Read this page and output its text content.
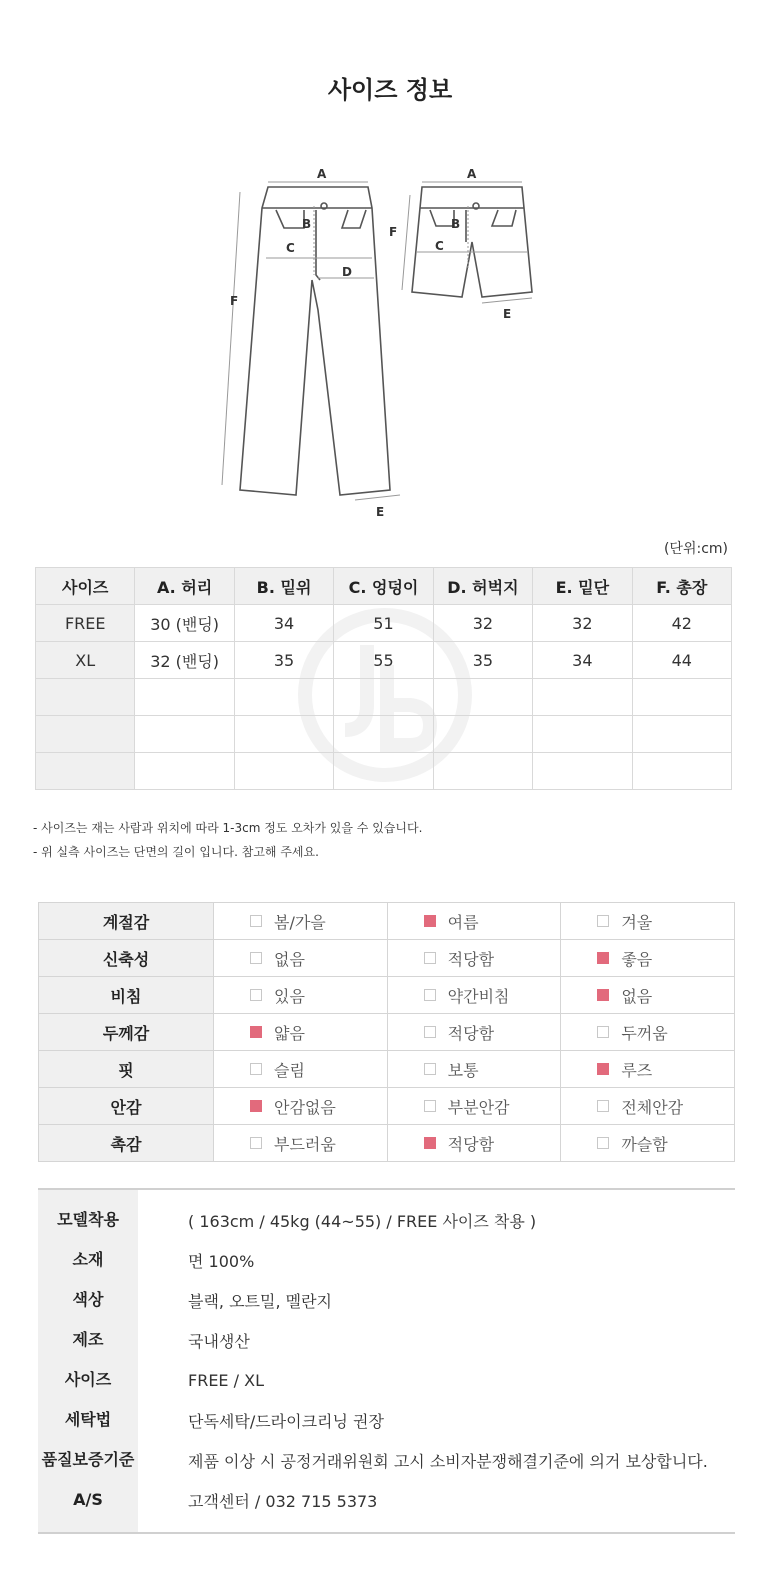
사이즈 정보
A
B
C
D
F
E
A
B
C
F
E
(단위:cm)
사이즈	A. 허리	B. 밑위	C. 엉덩이	D. 허벅지	E. 밑단	F. 총장
FREE	30 (밴딩)	34	51	32	32	42
XL	32 (밴딩)	35	55	35	34	44

- 사이즈는 재는 사람과 위치에 따라 1-3cm 정도 오차가 있을 수 있습니다.
- 위 실측 사이즈는 단면의 길이 입니다. 참고해 주세요.
계절감	봄/가을	여름	겨울

신축성	없음	적당함	좋음

비침	있음	약간비침	없음

두께감	얇음	적당함	두꺼움

핏	슬림	보통	루즈

안감	안감없음	부분안감	전체안감

촉감	부드러움	적당함	까슬함
모델착용	( 163cm / 45kg (44~55) / FREE 사이즈 착용 )
소재	면 100%
색상	블랙, 오트밀, 멜란지
제조	국내생산
사이즈	FREE / XL
세탁법	단독세탁/드라이크리닝 권장
품질보증기준	제품 이상 시 공정거래위원회 고시 소비자분쟁해결기준에 의거 보상합니다.
A/S	고객센터 / 032 715 5373
